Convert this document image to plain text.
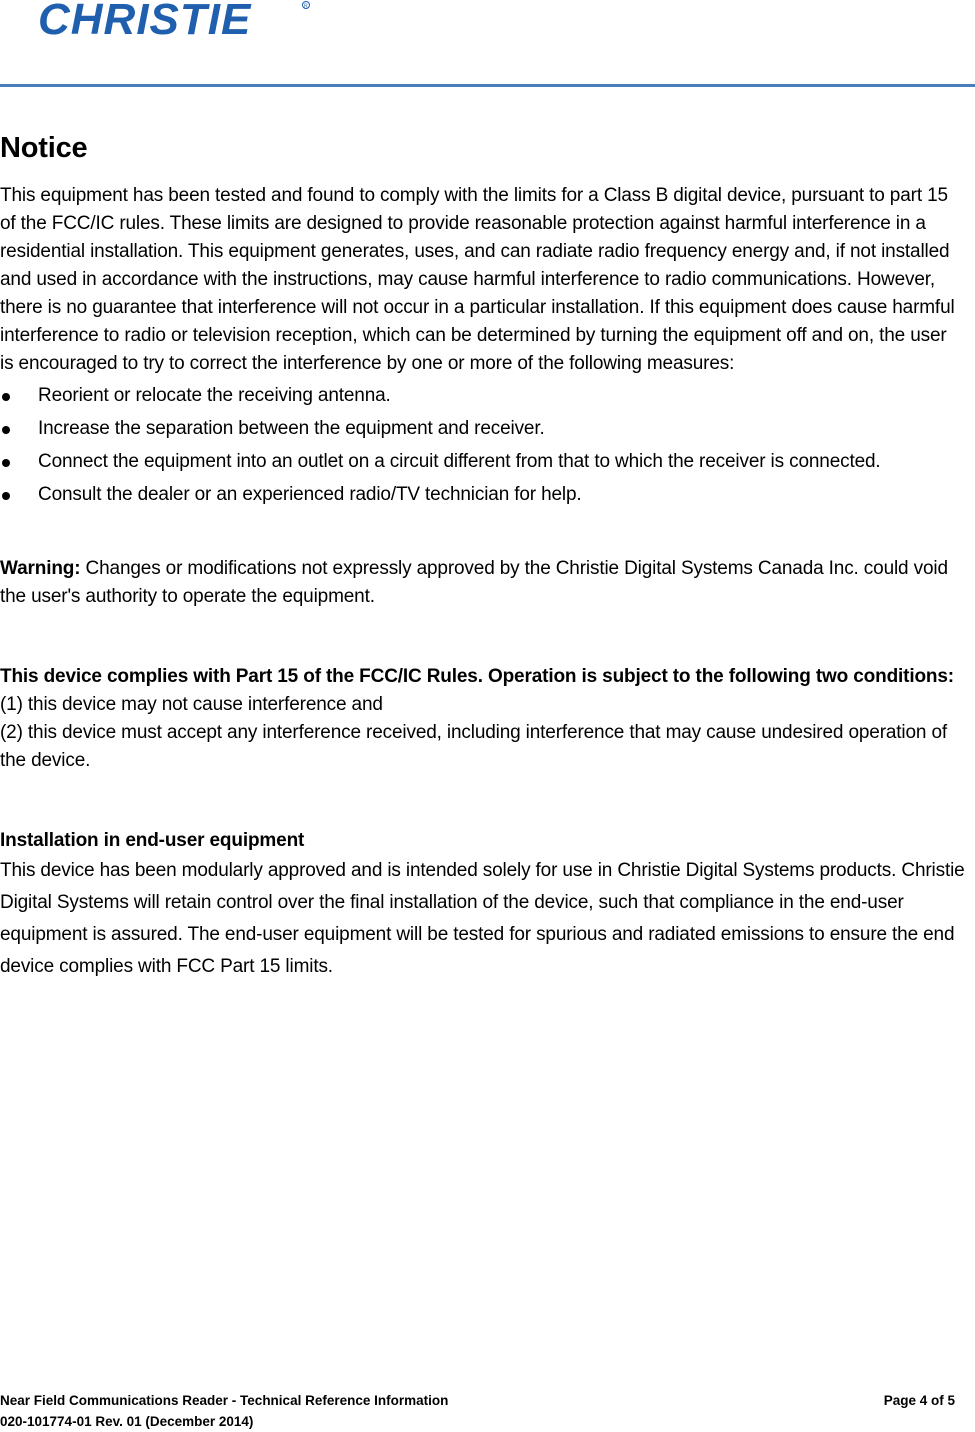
CHRISTIE	R
Notice

This equipment has been tested and found to comply with the limits for a Class B digital device, pursuant to part 15 of the FCC/IC rules. These limits are designed to provide reasonable protection against harmful interference in a residential installation. This equipment generates, uses, and can radiate radio frequency energy and, if not installed and used in accordance with the instructions, may cause harmful interference to radio communications. However, there is no guarantee that interference will not occur in a particular installation. If this equipment does cause harmful interference to radio or television reception, which can be determined by turning the equipment off and on, the user is encouraged to try to correct the interference by one or more of the following measures:

Reorient or relocate the receiving antenna.
Increase the separation between the equipment and receiver.
Connect the equipment into an outlet on a circuit different from that to which the receiver is connected.
Consult the dealer or an experienced radio/TV technician for help.

Warning: Changes or modifications not expressly approved by the Christie Digital Systems Canada Inc. could void the user's authority to operate the equipment.

This device complies with Part 15 of the FCC/IC Rules. Operation is subject to the following two conditions:

(1) this device may not cause interference and

(2) this device must accept any interference received, including interference that may cause undesired operation of the device.

Installation in end-user equipment

This device has been modularly approved and is intended solely for use in Christie Digital Systems products. Christie Digital Systems will retain control over the final installation of the device, such that compliance in the end-user equipment is assured. The end-user equipment will be tested for spurious and radiated emissions to ensure the end device complies with FCC Part 15 limits.

Near Field Communications Reader - Technical Reference Information
020-101774-01 Rev. 01 (December 2014)
Page 4 of 5
